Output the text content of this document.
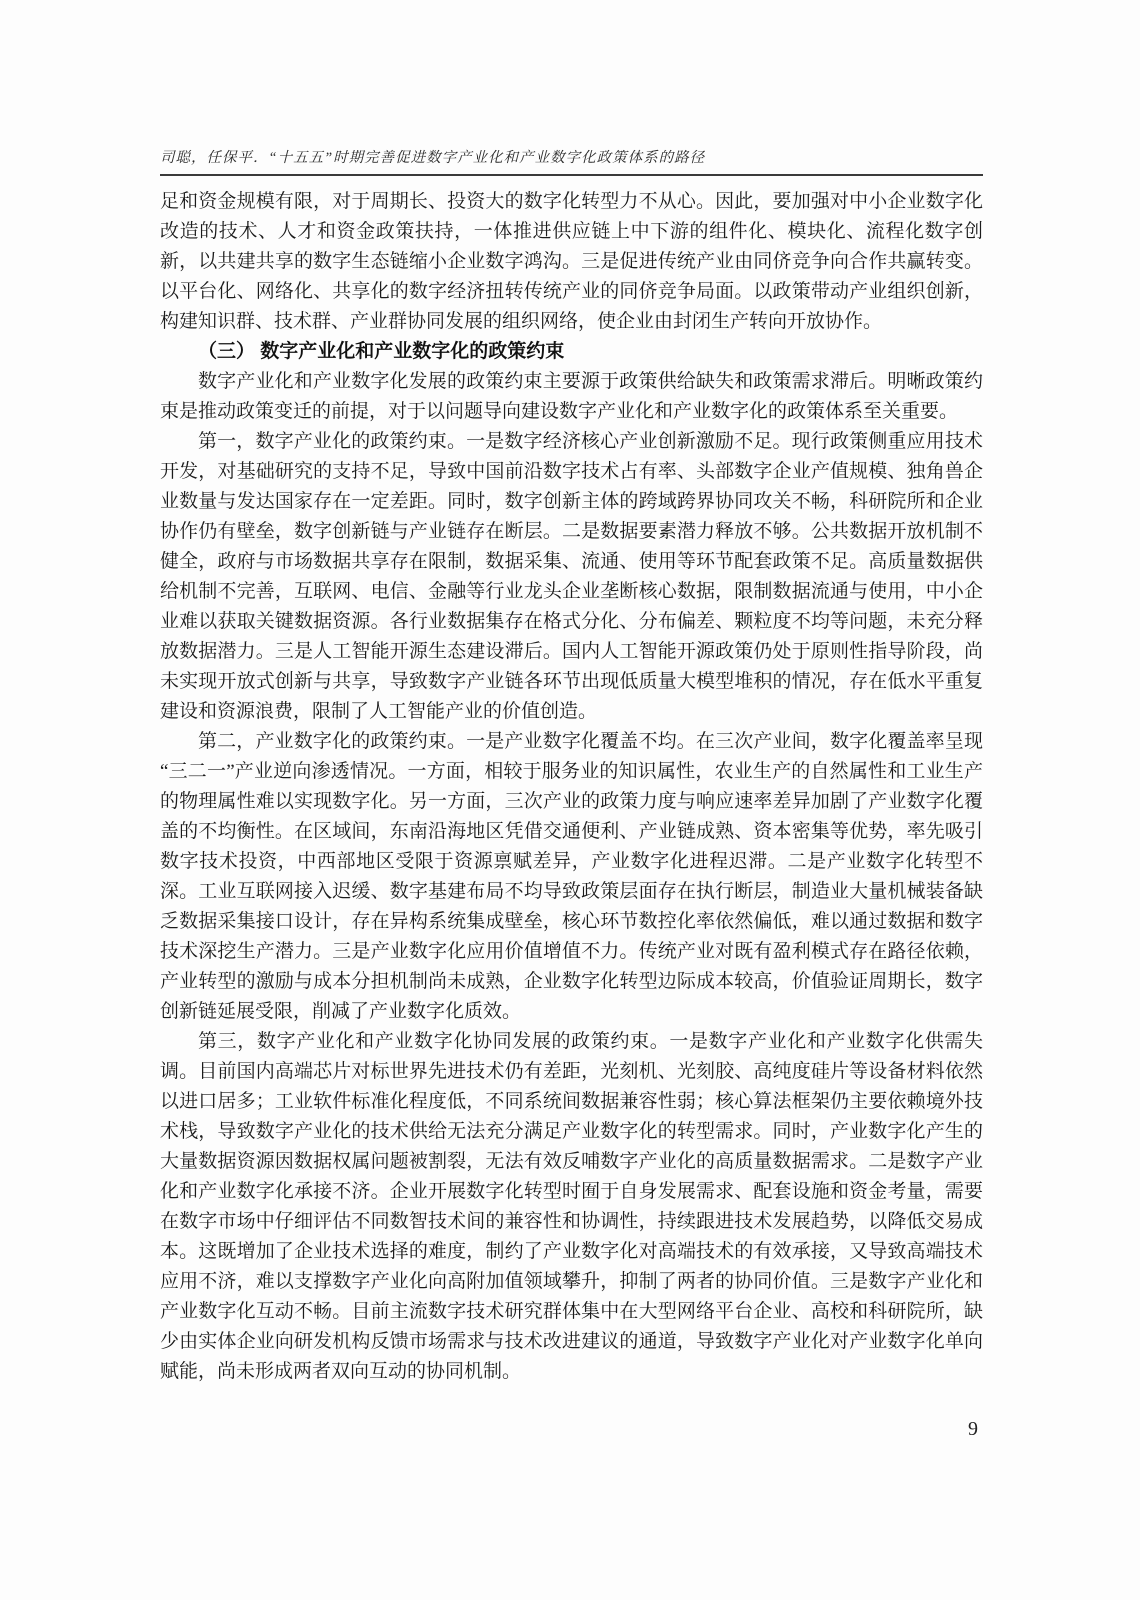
司聪，任保平．“十五五”时期完善促进数字产业化和产业数字化政策体系的路径

足和资金规模有限，对于周期长、投资大的数字化转型力不从心。因此，要加强对中小企业数字化改造的技术、人才和资金政策扶持，一体推进供应链上中下游的组件化、模块化、流程化数字创新，以共建共享的数字生态链缩小企业数字鸿沟。三是促进传统产业由同侪竞争向合作共赢转变。以平台化、网络化、共享化的数字经济扭转传统产业的同侪竞争局面。以政策带动产业组织创新，构建知识群、技术群、产业群协同发展的组织网络，使企业由封闭生产转向开放协作。

（三） 数字产业化和产业数字化的政策约束

数字产业化和产业数字化发展的政策约束主要源于政策供给缺失和政策需求滞后。明晰政策约束是推动政策变迁的前提，对于以问题导向建设数字产业化和产业数字化的政策体系至关重要。

第一，数字产业化的政策约束。一是数字经济核心产业创新激励不足。现行政策侧重应用技术开发，对基础研究的支持不足，导致中国前沿数字技术占有率、头部数字企业产值规模、独角兽企业数量与发达国家存在一定差距。同时，数字创新主体的跨域跨界协同攻关不畅，科研院所和企业协作仍有壁垒，数字创新链与产业链存在断层。二是数据要素潜力释放不够。公共数据开放机制不健全，政府与市场数据共享存在限制，数据采集、流通、使用等环节配套政策不足。高质量数据供给机制不完善，互联网、电信、金融等行业龙头企业垄断核心数据，限制数据流通与使用，中小企业难以获取关键数据资源。各行业数据集存在格式分化、分布偏差、颗粒度不均等问题，未充分释放数据潜力。三是人工智能开源生态建设滞后。国内人工智能开源政策仍处于原则性指导阶段，尚未实现开放式创新与共享，导致数字产业链各环节出现低质量大模型堆积的情况，存在低水平重复建设和资源浪费，限制了人工智能产业的价值创造。

第二，产业数字化的政策约束。一是产业数字化覆盖不均。在三次产业间，数字化覆盖率呈现“三二一”产业逆向渗透情况。一方面，相较于服务业的知识属性，农业生产的自然属性和工业生产的物理属性难以实现数字化。另一方面，三次产业的政策力度与响应速率差异加剧了产业数字化覆盖的不均衡性。在区域间，东南沿海地区凭借交通便利、产业链成熟、资本密集等优势，率先吸引数字技术投资，中西部地区受限于资源禀赋差异，产业数字化进程迟滞。二是产业数字化转型不深。工业互联网接入迟缓、数字基建布局不均导致政策层面存在执行断层，制造业大量机械装备缺乏数据采集接口设计，存在异构系统集成壁垒，核心环节数控化率依然偏低，难以通过数据和数字技术深挖生产潜力。三是产业数字化应用价值增值不力。传统产业对既有盈利模式存在路径依赖，产业转型的激励与成本分担机制尚未成熟，企业数字化转型边际成本较高，价值验证周期长，数字创新链延展受限，削减了产业数字化质效。

第三，数字产业化和产业数字化协同发展的政策约束。一是数字产业化和产业数字化供需失调。目前国内高端芯片对标世界先进技术仍有差距，光刻机、光刻胶、高纯度硅片等设备材料依然以进口居多；工业软件标准化程度低，不同系统间数据兼容性弱；核心算法框架仍主要依赖境外技术栈，导致数字产业化的技术供给无法充分满足产业数字化的转型需求。同时，产业数字化产生的大量数据资源因数据权属问题被割裂，无法有效反哺数字产业化的高质量数据需求。二是数字产业化和产业数字化承接不济。企业开展数字化转型时囿于自身发展需求、配套设施和资金考量，需要在数字市场中仔细评估不同数智技术间的兼容性和协调性，持续跟进技术发展趋势，以降低交易成本。这既增加了企业技术选择的难度，制约了产业数字化对高端技术的有效承接，又导致高端技术应用不济，难以支撑数字产业化向高附加值领域攀升，抑制了两者的协同价值。三是数字产业化和产业数字化互动不畅。目前主流数字技术研究群体集中在大型网络平台企业、高校和科研院所，缺少由实体企业向研发机构反馈市场需求与技术改进建议的通道，导致数字产业化对产业数字化单向赋能，尚未形成两者双向互动的协同机制。

9
